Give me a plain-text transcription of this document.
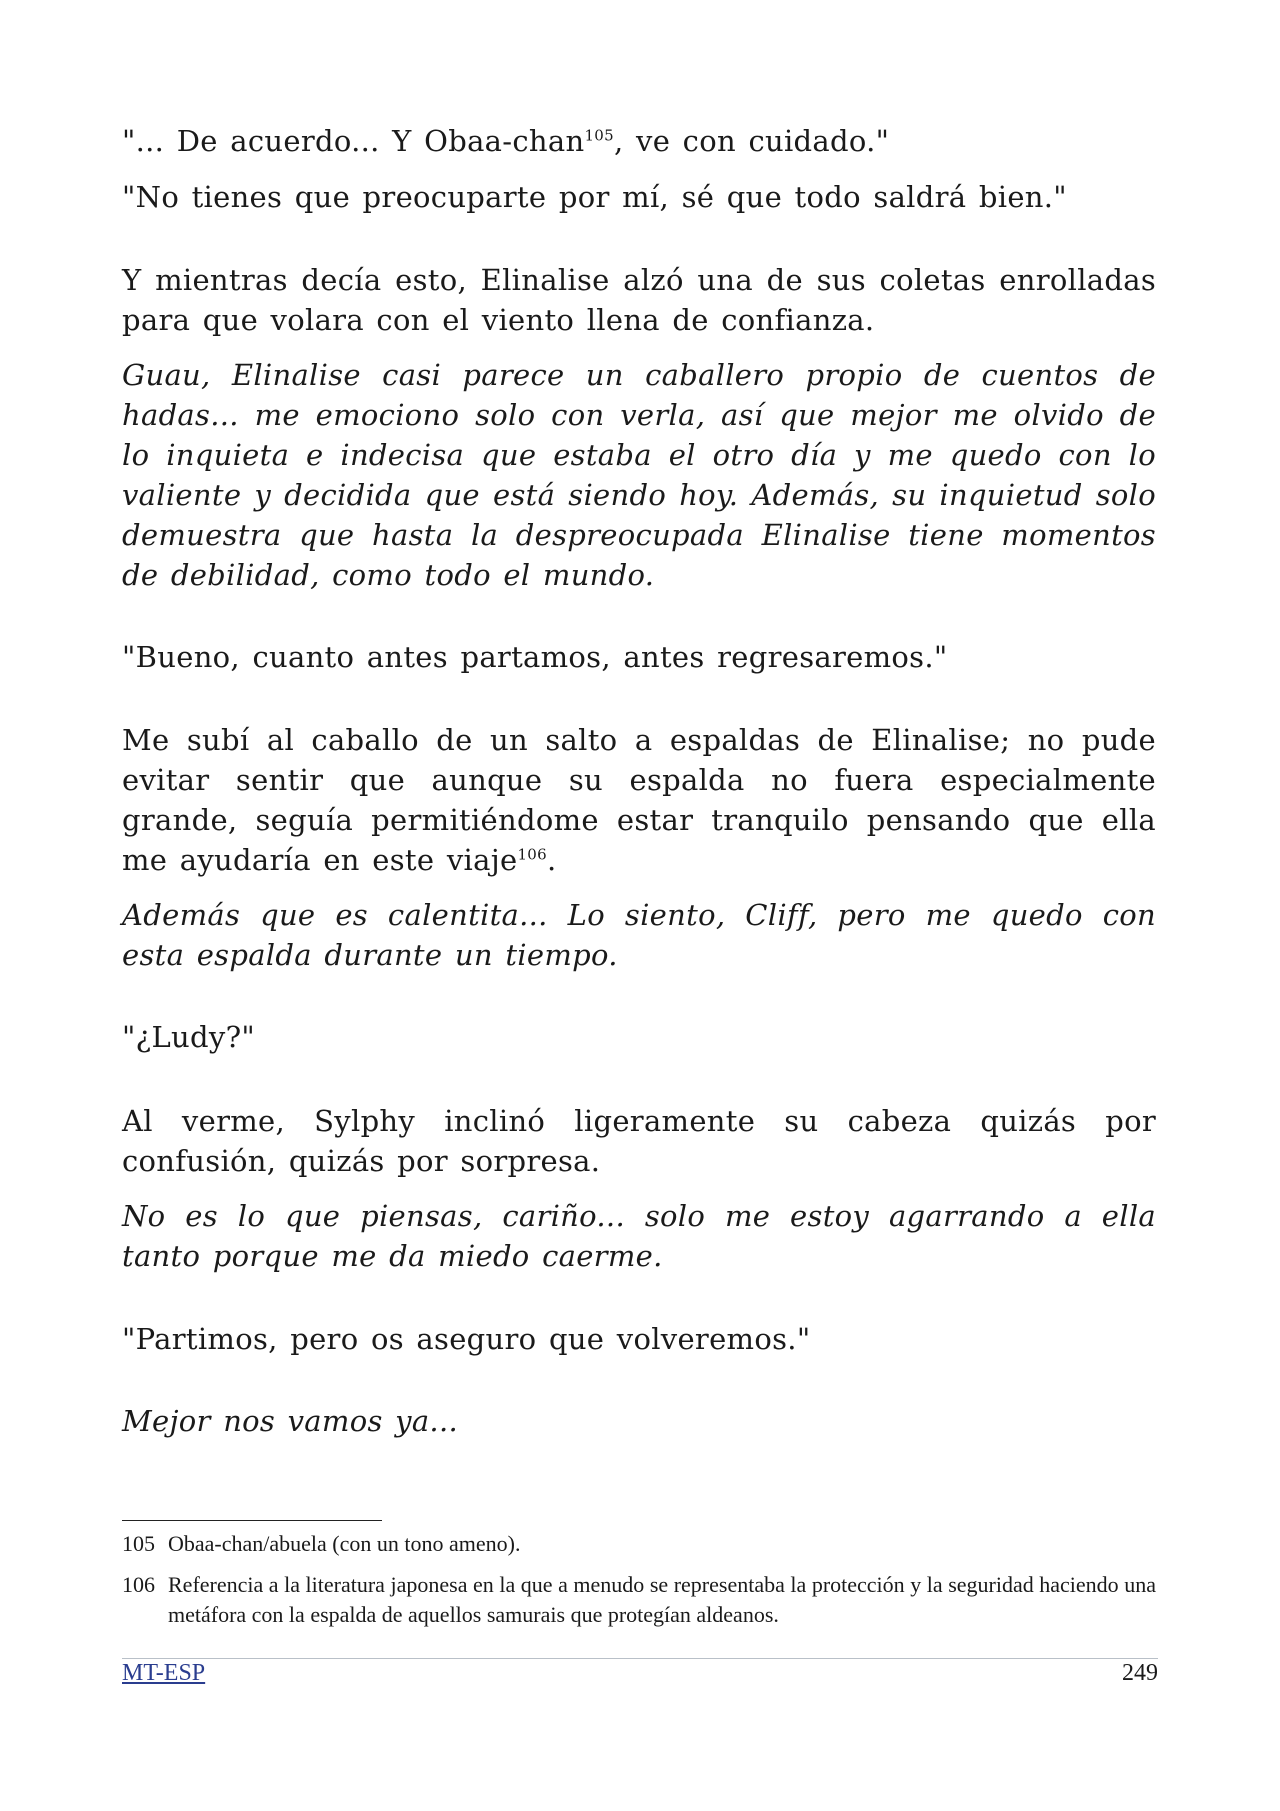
"... De acuerdo... Y Obaa-chan$^{105}$, ve con cuidado."

"No tienes que preocuparte por mí, sé que todo saldrá bien."

Y mientras decía esto, Elinalise alzó una de sus coletas enrolladas para que volara con el viento llena de confianza.

Guau, Elinalise casi parece un caballero propio de cuentos de hadas... me emociono solo con verla, así que mejor me olvido de lo inquieta e indecisa que estaba el otro día y me quedo con lo valiente y decidida que está siendo hoy. Además, su inquietud solo demuestra que hasta la despreocupada Elinalise tiene momentos de debilidad, como todo el mundo.

"Bueno, cuanto antes partamos, antes regresaremos."

Me subí al caballo de un salto a espaldas de Elinalise; no pude evitar sentir que aunque su espalda no fuera especialmente grande, seguía permitiéndome estar tranquilo pensando que ella me ayudaría en este viaje$^{106}$.

Además que es calentita... Lo siento, Cliff, pero me quedo con esta espalda durante un tiempo.

"¿Ludy?"

Al verme, Sylphy inclinó ligeramente su cabeza quizás por confusión, quizás por sorpresa.

No es lo que piensas, cariño... solo me estoy agarrando a ella tanto porque me da miedo caerme.

"Partimos, pero os aseguro que volveremos."

Mejor nos vamos ya...

105 Obaa-chan/abuela (con un tono ameno).
106 Referencia a la literatura japonesa en la que a menudo se representaba la protección y la seguridad haciendo una metáfora con la espalda de aquellos samurais que protegían aldeanos.
MT-ESP	249
